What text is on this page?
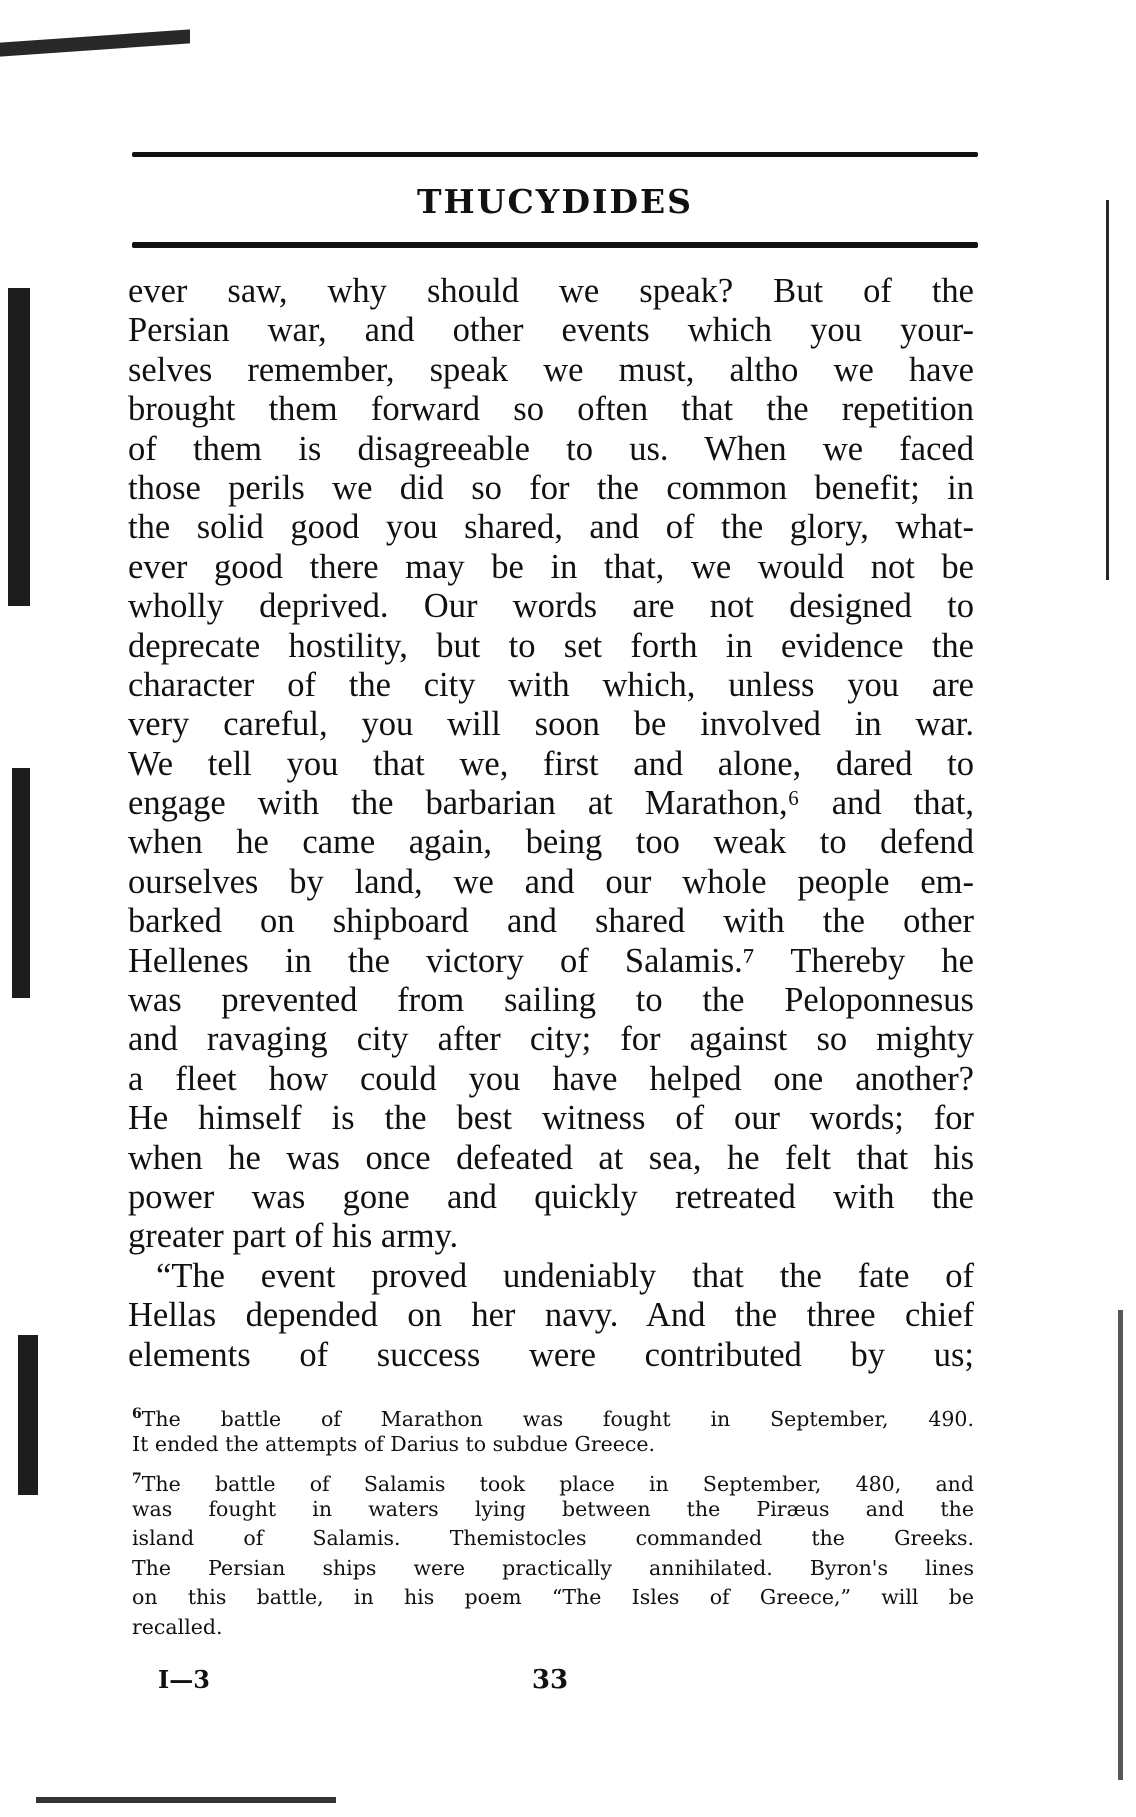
THUCYDIDES
ever saw, why should we speak? But of the
Persian war, and other events which you your-
selves remember, speak we must, altho we have
brought them forward so often that the repetition
of them is disagreeable to us. When we faced
those perils we did so for the common benefit; in
the solid good you shared, and of the glory, what-
ever good there may be in that, we would not be
wholly deprived. Our words are not designed to
deprecate hostility, but to set forth in evidence the
character of the city with which, unless you are
very careful, you will soon be involved in war.
We tell you that we, first and alone, dared to
engage with the barbarian at Marathon,⁶ and that,
when he came again, being too weak to defend
ourselves by land, we and our whole people em-
barked on shipboard and shared with the other
Hellenes in the victory of Salamis.⁷ Thereby he
was prevented from sailing to the Peloponnesus
and ravaging city after city; for against so mighty
a fleet how could you have helped one another?
He himself is the best witness of our words; for
when he was once defeated at sea, he felt that his
power was gone and quickly retreated with the
greater part of his army.
“The event proved undeniably that the fate of
Hellas depended on her navy. And the three chief
elements of success were contributed by us;
$^6$The battle of Marathon was fought in September, 490.
It ended the attempts of Darius to subdue Greece.
$^7$The battle of Salamis took place in September, 480, and
was fought in waters lying between the Piræus and the
island of Salamis. Themistocles commanded the Greeks.
The Persian ships were practically annihilated. Byron's lines
on this battle, in his poem “The Isles of Greece,” will be
recalled.
I—3	33
